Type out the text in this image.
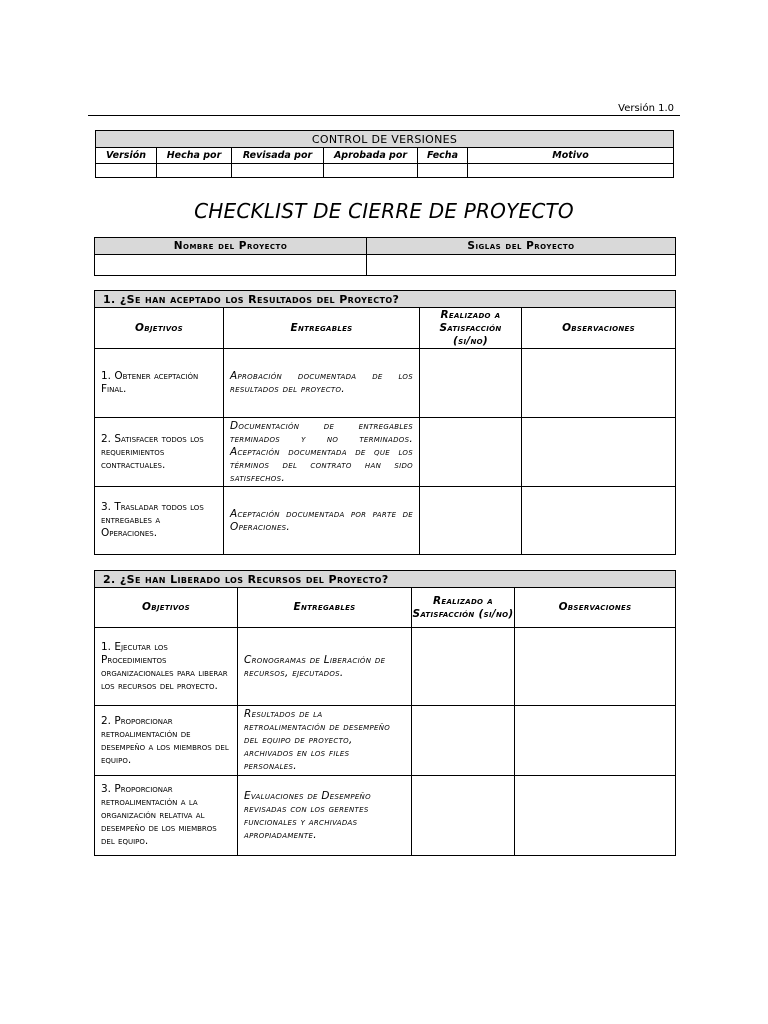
Versión 1.0
CONTROL DE VERSIONES					
Versión	Hecha por	Revisada por	Aprobada por	Fecha	Motivo

CHECKLIST DE CIERRE DE PROYECTO
Nombre del Proyecto	Siglas del Proyecto

1. ¿Se han aceptado los Resultados del Proyecto?			
Objetivos	Entregables	Realizado a Satisfacción (si/no)	Observaciones
1. Obtener aceptación Final.	Aprobación documentada de los resultados del proyecto.		
2. Satisfacer todos los requerimientos contractuales.	Documentación de entregables terminados y no terminados. Aceptación documentada de que los términos del contrato han sido satisfechos.		
3. Trasladar todos los entregables a Operaciones.	Aceptación documentada por parte de Operaciones.		
2. ¿Se han Liberado los Recursos del Proyecto?			
Objetivos	Entregables	Realizado a Satisfacción (si/no)	Observaciones
1. Ejecutar los Procedimientos organizacionales para liberar los recursos del proyecto.	Cronogramas de Liberación de recursos, ejecutados.		
2. Proporcionar retroalimentación de desempeño a los miembros del equipo.	Resultados de la retroalimentación de desempeño del equipo de proyecto, archivados en los files personales.		
3. Proporcionar retroalimentación a la organización relativa al desempeño de los miembros del equipo.	Evaluaciones de Desempeño revisadas con los gerentes funcionales y archivadas apropiadamente.		
